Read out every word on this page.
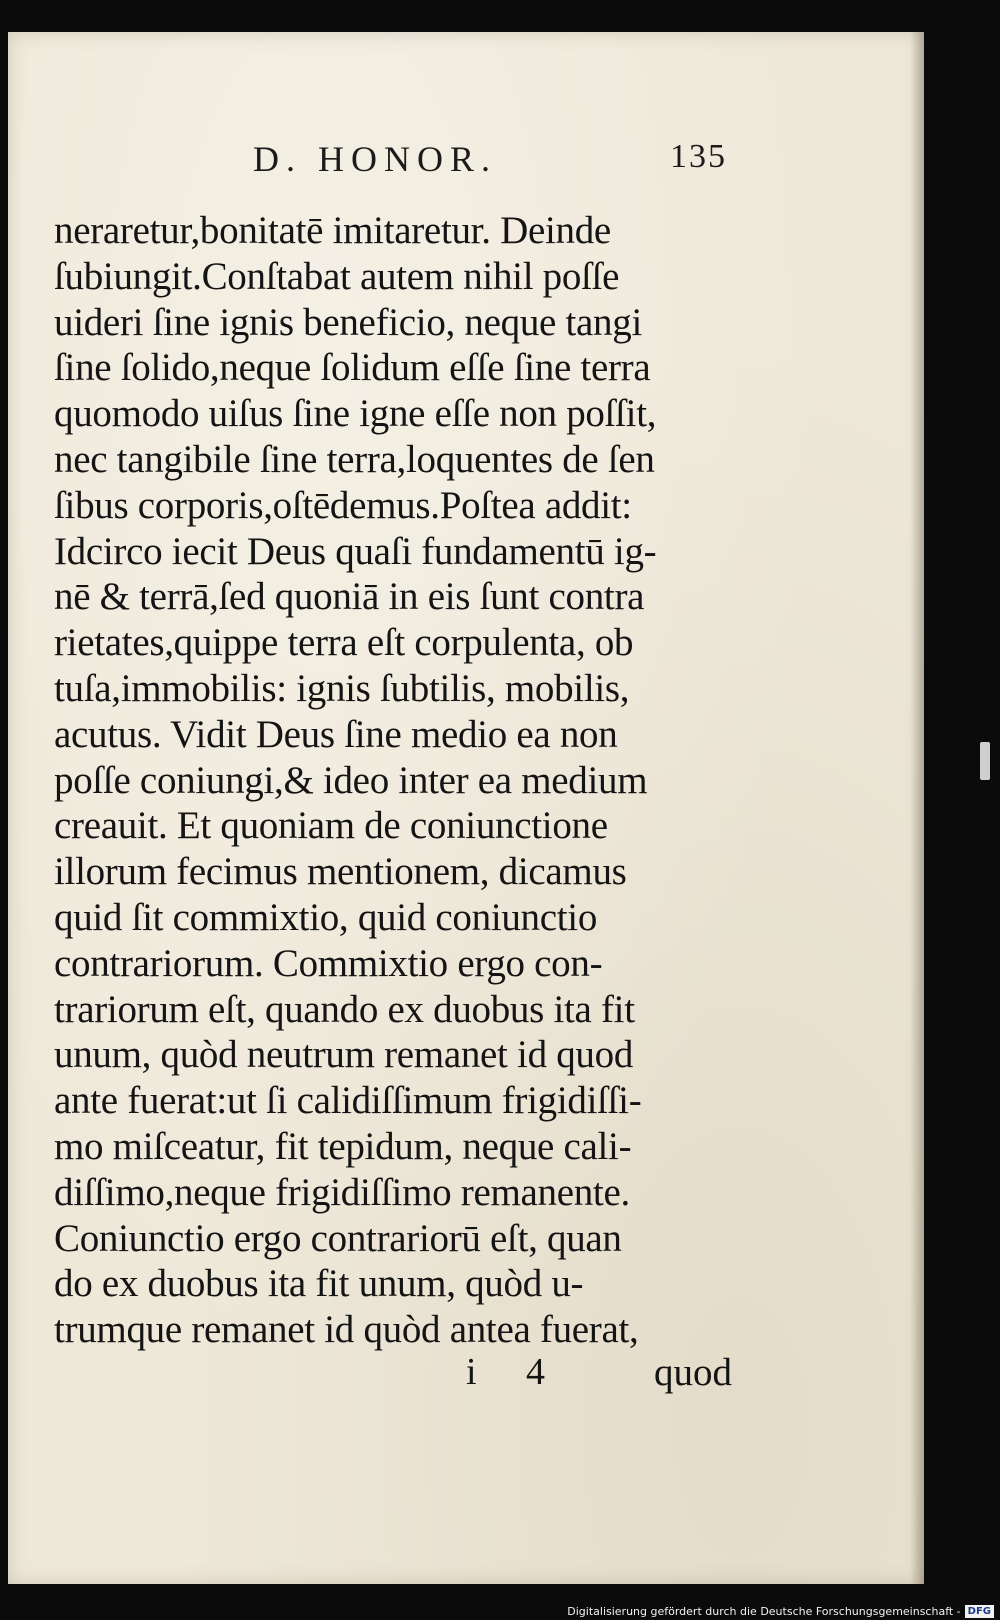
D. HONOR.	135
neraretur,bonitatē imitaretur. Deinde
ſubiungit.Conſtabat autem nihil poſſe
uideri ſine ignis beneficio, neque tangi
ſine ſolido,neque ſolidum eſſe ſine terra
quomodo uiſus ſine igne eſſe non poſſit,
nec tangibile ſine terra,loquentes de ſen
ſibus corporis,oſtēdemus.Poſtea addit:
Idcirco iecit Deus quaſi fundamentū ig-
nē & terrā,ſed quoniā in eis ſunt contra
rietates,quippe terra eſt corpulenta, ob
tuſa,immobilis: ignis ſubtilis, mobilis,
acutus. Vidit Deus ſine medio ea non
poſſe coniungi,& ideo inter ea medium
creauit. Et quoniam de coniunctione
illorum fecimus mentionem, dicamus
quid ſit commixtio, quid coniunctio
contrariorum. Commixtio ergo con-
trariorum eſt, quando ex duobus ita fit
unum, quòd neutrum remanet id quod
ante fuerat:ut ſi calidiſſimum frigidiſſi-
mo miſceatur, fit tepidum, neque cali-
diſſimo,neque frigidiſſimo remanente.
Coniunctio ergo contrariorū eſt, quan
do ex duobus ita fit unum, quòd u-
trumque remanet id quòd antea fuerat,
i 4 quod
Digitalisierung gefördert durch die Deutsche Forschungsgemeinschaft - DFG
